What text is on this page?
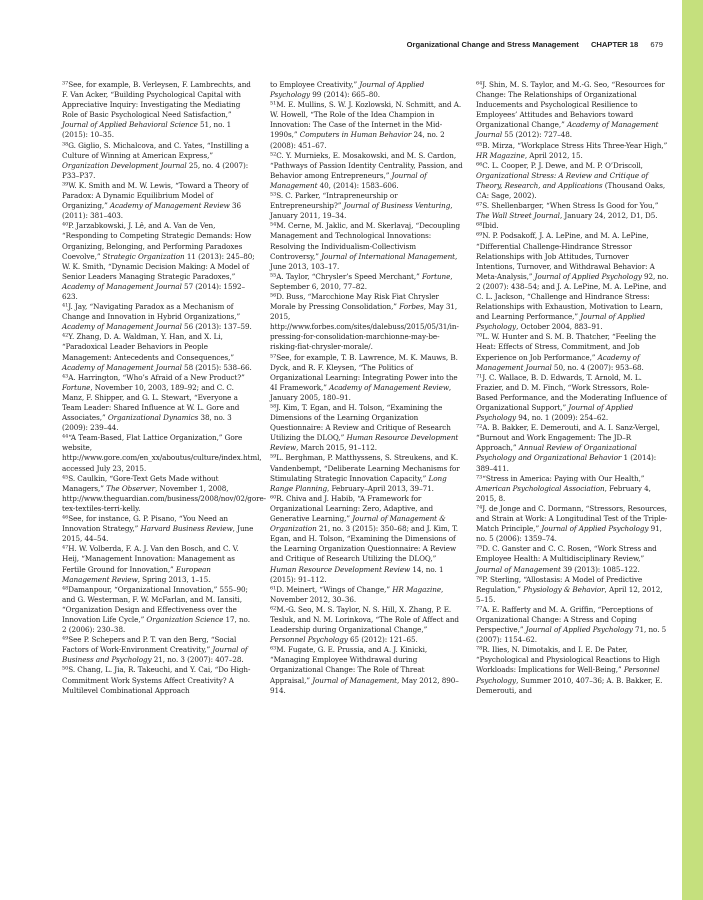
Organizational Change and Stress Management CHAPTER 18 679

$^{37}$See, for example, B. Verleysen, F. Lambrechts, and F. Van Acker, “Building Psychological Capital with Appreciative Inquiry: Investigating the Mediating Role of Basic Psychological Need Satisfaction,” Journal of Applied Behavioral Science 51, no. 1 (2015): 10–35.

$^{38}$G. Giglio, S. Michalcova, and C. Yates, “Instilling a Culture of Winning at American Express,” Organization Development Journal 25, no. 4 (2007): P33–P37.

$^{39}$W. K. Smith and M. W. Lewis, “Toward a Theory of Paradox: A Dynamic Equilibrium Model of Organizing,” Academy of Management Review 36 (2011): 381–403.

$^{40}$P. Jarzabkowski, J. Lê, and A. Van de Ven, “Responding to Competing Strategic Demands: How Organizing, Belonging, and Performing Paradoxes Coevolve,” Strategic Organization 11 (2013): 245–80; W. K. Smith, “Dynamic Decision Making: A Model of Senior Leaders Managing Strategic Paradoxes,” Academy of Management Journal 57 (2014): 1592–623.

$^{41}$J. Jay, “Navigating Paradox as a Mechanism of Change and Innovation in Hybrid Organizations,” Academy of Management Journal 56 (2013): 137–59.

$^{42}$Y. Zhang, D. A. Waldman, Y. Han, and X. Li, “Paradoxical Leader Behaviors in People Management: Antecedents and Consequences,” Academy of Management Journal 58 (2015): 538–66.

$^{43}$A. Harrington, “Who’s Afraid of a New Product?” Fortune, November 10, 2003, 189–92; and C. C. Manz, F. Shipper, and G. L. Stewart, “Everyone a Team Leader: Shared Influence at W. L. Gore and Associates,” Organizational Dynamics 38, no. 3 (2009): 239–44.

$^{44}$“A Team-Based, Flat Lattice Organization,” Gore website, http://www.gore.com/en_xx/aboutus/culture/index.html, accessed July 23, 2015.

$^{45}$S. Caulkin, “Gore-Text Gets Made without Managers,” The Observer, November 1, 2008, http://www.theguardian.com/business/2008/nov/02/gore-tex-textiles-terri-kelly.

$^{46}$See, for instance, G. P. Pisano, “You Need an Innovation Strategy,” Harvard Business Review, June 2015, 44–54.

$^{47}$H. W. Volberda, F. A. J. Van den Bosch, and C. V. Heij, “Management Innovation: Management as Fertile Ground for Innovation,” European Management Review, Spring 2013, 1–15.

$^{48}$Damanpour, “Organizational Innovation,” 555–90; and G. Westerman, F. W. McFarlan, and M. Iansiti, “Organization Design and Effectiveness over the Innovation Life Cycle,” Organization Science 17, no. 2 (2006): 230–38.

$^{49}$See P. Schepers and P. T. van den Berg, “Social Factors of Work-Environment Creativity,” Journal of Business and Psychology 21, no. 3 (2007): 407–28.

$^{50}$S. Chang, L. Jia, R. Takeuchi, and Y. Cai, “Do High-Commitment Work Systems Affect Creativity? A Multilevel Combinational Approach

to Employee Creativity,” Journal of Applied Psychology 99 (2014): 665–80.

$^{51}$M. E. Mullins, S. W. J. Kozlowski, N. Schmitt, and A. W. Howell, “The Role of the Idea Champion in Innovation: The Case of the Internet in the Mid-1990s,” Computers in Human Behavior 24, no. 2 (2008): 451–67.

$^{52}$C. Y. Murnieks, E. Mosakowski, and M. S. Cardon, “Pathways of Passion Identity Centrality, Passion, and Behavior among Entrepreneurs,” Journal of Management 40, (2014): 1583–606.

$^{53}$S. C. Parker, “Intrapreneurship or Entrepreneurship?” Journal of Business Venturing, January 2011, 19–34.

$^{54}$M. Cerne, M. Jaklic, and M. Skerlavaj, “Decoupling Management and Technological Innovations: Resolving the Individualism-Collectivism Controversy,” Journal of International Management, June 2013, 103–17.

$^{55}$A. Taylor, “Chrysler’s Speed Merchant,” Fortune, September 6, 2010, 77–82.

$^{56}$D. Buss, “Marcchione May Risk Fiat Chrysler Morale by Pressing Consolidation,” Forbes, May 31, 2015, http://www.forbes.com/sites/dalebuss/2015/05/31/in-pressing-for-consolidation-marchionne-may-be-risking-fiat-chrysler-morale/.

$^{57}$See, for example, T. B. Lawrence, M. K. Mauws, B. Dyck, and R. F. Kleysen, “The Politics of Organizational Learning: Integrating Power into the 4I Framework,” Academy of Management Review, January 2005, 180–91.

$^{58}$J. Kim, T. Egan, and H. Tolson, “Examining the Dimensions of the Learning Organization Questionnaire: A Review and Critique of Research Utilizing the DLOQ,” Human Resource Development Review, March 2015, 91–112.

$^{59}$L. Berghman, P. Matthyssens, S. Streukens, and K. Vandenbempt, “Deliberate Learning Mechanisms for Stimulating Strategic Innovation Capacity,” Long Range Planning, February–April 2013, 39–71.

$^{60}$R. Chiva and J. Habib, “A Framework for Organizational Learning: Zero, Adaptive, and Generative Learning,” Journal of Management & Organization 21, no. 3 (2015): 350–68; and J. Kim, T. Egan, and H. Tolson, “Examining the Dimensions of the Learning Organization Questionnaire: A Review and Critique of Research Utilizing the DLOQ,” Human Resource Development Review 14, no. 1 (2015): 91–112.

$^{61}$D. Meinert, “Wings of Change,” HR Magazine, November 2012, 30–36.

$^{62}$M.-G. Seo, M. S. Taylor, N. S. Hill, X. Zhang, P. E. Tesluk, and N. M. Lorinkova, “The Role of Affect and Leadership during Organizational Change,” Personnel Psychology 65 (2012): 121–65.

$^{63}$M. Fugate, G. E. Prussia, and A. J. Kinicki, “Managing Employee Withdrawal during Organizational Change: The Role of Threat Appraisal,” Journal of Management, May 2012, 890–914.

$^{64}$J. Shin, M. S. Taylor, and M.-G. Seo, “Resources for Change: The Relationships of Organizational Inducements and Psychological Resilience to Employees’ Attitudes and Behaviors toward Organizational Change,” Academy of Management Journal 55 (2012): 727–48.

$^{65}$B. Mirza, “Workplace Stress Hits Three-Year High,” HR Magazine, April 2012, 15.

$^{66}$C. L. Cooper, P. J. Dewe, and M. P. O’Driscoll, Organizational Stress: A Review and Critique of Theory, Research, and Applications (Thousand Oaks, CA: Sage, 2002).

$^{67}$S. Shellenbarger, “When Stress Is Good for You,” The Wall Street Journal, January 24, 2012, D1, D5.

$^{68}$Ibid.

$^{69}$N. P. Podsakoff, J. A. LePine, and M. A. LePine, “Differential Challenge-Hindrance Stressor Relationships with Job Attitudes, Turnover Intentions, Turnover, and Withdrawal Behavior: A Meta-Analysis,” Journal of Applied Psychology 92, no. 2 (2007): 438–54; and J. A. LePine, M. A. LePine, and C. L. Jackson, “Challenge and Hindrance Stress: Relationships with Exhaustion, Motivation to Learn, and Learning Performance,” Journal of Applied Psychology, October 2004, 883–91.

$^{70}$L. W. Hunter and S. M. B. Thatcher, “Feeling the Heat: Effects of Stress, Commitment, and Job Experience on Job Performance,” Academy of Management Journal 50, no. 4 (2007): 953–68.

$^{71}$J. C. Wallace, B. D. Edwards, T. Arnold, M. L. Frazier, and D. M. Finch, “Work Stressors, Role-Based Performance, and the Moderating Influence of Organizational Support,” Journal of Applied Psychology 94, no. 1 (2009): 254–62.

$^{72}$A. B. Bakker, E. Demerouti, and A. I. Sanz-Vergel, “Burnout and Work Engagement: The JD–R Approach,” Annual Review of Organizational Psychology and Organizational Behavior 1 (2014): 389–411.

$^{73}$“Stress in America: Paying with Our Health,” American Psychological Association, February 4, 2015, 8.

$^{74}$J. de Jonge and C. Dormann, “Stressors, Resources, and Strain at Work: A Longitudinal Test of the Triple-Match Principle,” Journal of Applied Psychology 91, no. 5 (2006): 1359–74.

$^{75}$D. C. Ganster and C. C. Rosen, “Work Stress and Employee Health: A Multidisciplinary Review,” Journal of Management 39 (2013): 1085–122.

$^{76}$P. Sterling, “Allostasis: A Model of Predictive Regulation,” Physiology & Behavior, April 12, 2012, 5–15.

$^{77}$A. E. Rafferty and M. A. Griffin, “Perceptions of Organizational Change: A Stress and Coping Perspective,” Journal of Applied Psychology 71, no. 5 (2007): 1154–62.

$^{78}$R. Ilies, N. Dimotakis, and I. E. De Pater, “Psychological and Physiological Reactions to High Workloads: Implications for Well-Being,” Personnel Psychology, Summer 2010, 407–36; A. B. Bakker, E. Demerouti, and
